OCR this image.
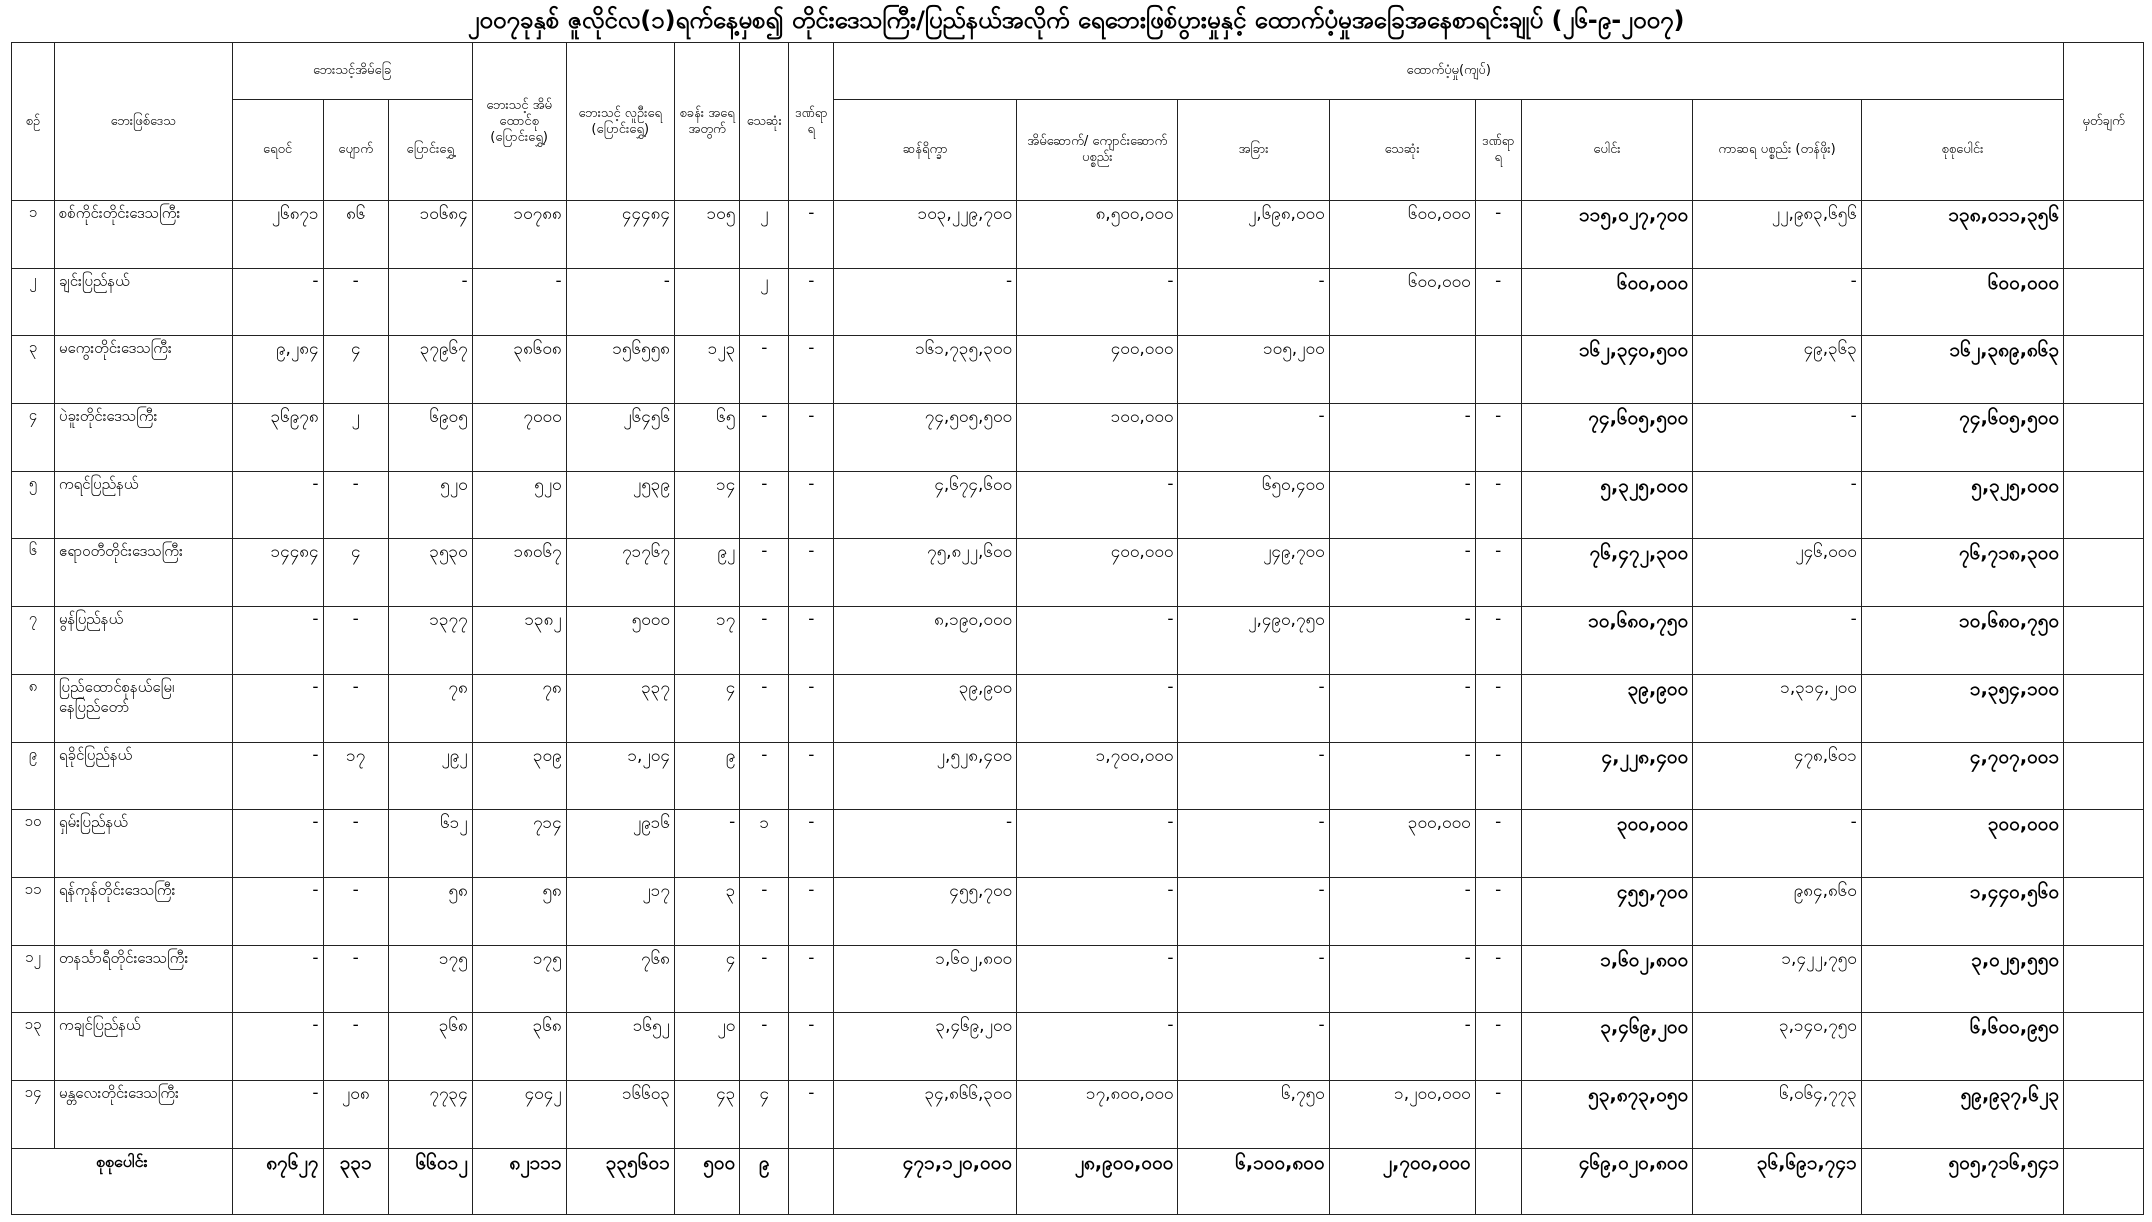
၂၀၀၇ခုနှစ် ဇူလိုင်လ(၁)ရက်နေ့မှစ၍ တိုင်းဒေသကြီး/ပြည်နယ်အလိုက် ရေဘေးဖြစ်ပွားမှုနှင့် ထောက်ပံ့မှုအခြေအနေစာရင်းချုပ် (၂၆-၉-၂၀၀၇)
စဉ်	ဘေးဖြစ်ဒေသ	ဘေးသင့်အိမ်ခြေ			ဘေးသင့် အိမ် ထောင်စု (ပြောင်းရွှေ့)	ဘေးသင့် လူဦးရေ (ပြောင်းရွှေ့)	စခန်း အရေ အတွက်	သေဆုံး	ဒဏ်ရာရ	ထောက်ပံ့မှု(ကျပ်)								မှတ်ချက်
		ရေဝင်	ပျောက်	ပြောင်းရွှေ့						ဆန်ရိက္ခာ	အိမ်ဆောက်/ ကျောင်းဆောက် ပစ္စည်း	အခြား	သေဆုံး	ဒဏ်ရာရ	ပေါင်း	ကာဆရ ပစ္စည်း (တန်ဖိုး)	စုစုပေါင်း	
၁	စစ်ကိုင်းတိုင်းဒေသကြီး	၂၆၈၇၁	၈၆	၁၀၆၈၄	၁၀၇၈၈	၄၄၄၈၄	၁၀၅	၂	-	၁၀၃,၂၂၉,၇၀၀	၈,၅၀၀,၀၀၀	၂,၆၉၈,၀၀၀	၆၀၀,၀၀၀	-	၁၁၅,၀၂၇,၇၀၀	၂၂,၉၈၃,၆၅၆	၁၃၈,၀၁၁,၃၅၆	
၂	ချင်းပြည်နယ်	-	-	-	-	-		၂	-	-	-	-	၆၀၀,၀၀၀	-	၆၀၀,၀၀၀	-	၆၀၀,၀၀၀	
၃	မကွေးတိုင်းဒေသကြီး	၉,၂၈၄	၄	၃၇၉၆၇	၃၈၆၀၈	၁၅၆၅၅၈	၁၂၃	-	-	၁၆၁,၇၃၅,၃၀၀	၄၀၀,၀၀၀	၁၀၅,၂၀၀			၁၆၂,၃၄၀,၅၀၀	၄၉,၃၆၃	၁၆၂,၃၈၉,၈၆၃	
၄	ပဲခူးတိုင်းဒေသကြီး	၃၆၉၇၈	၂	၆၉၀၅	၇၀၀၀	၂၆၄၅၆	၆၅	-	-	၇၄,၅၀၅,၅၀၀	၁၀၀,၀၀၀	-	-	-	၇၄,၆၀၅,၅၀၀	-	၇၄,၆၀၅,၅၀၀	
၅	ကရင်ပြည်နယ်	-	-	၅၂၀	၅၂၀	၂၅၃၉	၁၄	-	-	၄,၆၇၄,၆၀၀	-	၆၅၀,၄၀၀	-	-	၅,၃၂၅,၀၀၀	-	၅,၃၂၅,၀၀၀	
၆	ဧရာဝတီတိုင်းဒေသကြီး	၁၄၄၈၄	၄	၃၅၃၀	၁၈၀၆၇	၇၁၇၆၇	၉၂	-	-	၇၅,၈၂၂,၆၀၀	၄၀၀,၀၀၀	၂၄၉,၇၀၀	-	-	၇၆,၄၇၂,၃၀၀	၂၄၆,၀၀၀	၇၆,၇၁၈,၃၀၀	
၇	မွန်ပြည်နယ်	-	-	၁၃၇၇	၁၃၈၂	၅၀၀၀	၁၇	-	-	၈,၁၉၀,၀၀၀	-	၂,၄၉၀,၇၅၀	-	-	၁၀,၆၈၀,၇၅၀	-	၁၀,၆၈၀,၇၅၀	
၈	ပြည်ထောင်စုနယ်မြေ၊ နေပြည်တော်	-	-	၇၈	၇၈	၃၃၇	၄	-	-	၃၉,၉၀၀	-	-	-	-	၃၉,၉၀၀	၁,၃၁၄,၂၀၀	၁,၃၅၄,၁၀၀	
၉	ရခိုင်ပြည်နယ်	-	၁၇	၂၉၂	၃၀၉	၁,၂၀၄	၉	-	-	၂,၅၂၈,၄၀၀	၁,၇၀၀,၀၀၀	-	-	-	၄,၂၂၈,၄၀၀	၄၇၈,၆၀၁	၄,၇၀၇,၀၀၁	
၁၀	ရှမ်းပြည်နယ်	-	-	၆၁၂	၇၁၄	၂၉၁၆	-	၁	-	-	-	-	၃၀၀,၀၀၀	-	၃၀၀,၀၀၀	-	၃၀၀,၀၀၀	
၁၁	ရန်ကုန်တိုင်းဒေသကြီး	-	-	၅၈	၅၈	၂၁၇	၃	-	-	၄၅၅,၇၀၀	-	-	-	-	၄၅၅,၇၀၀	၉၈၄,၈၆၀	၁,၄၄၀,၅၆၀	
၁၂	တနင်္သာရီတိုင်းဒေသကြီး	-	-	၁၇၅	၁၇၅	၇၆၈	၄	-	-	၁,၆၀၂,၈၀၀	-	-	-	-	၁,၆၀၂,၈၀၀	၁,၄၂၂,၇၅၀	၃,၀၂၅,၅၅၀	
၁၃	ကချင်ပြည်နယ်	-	-	၃၆၈	၃၆၈	၁၆၅၂	၂၀	-	-	၃,၄၆၉,၂၀၀	-	-	-	-	၃,၄၆၉,၂၀၀	၃,၁၄၀,၇၅၀	၆,၆၀၀,၉၅၀	
၁၄	မန္တလေးတိုင်းဒေသကြီး	-	၂၀၈	၇၇၃၄	၄၀၄၂	၁၆၆၀၃	၄၃	၄	-	၃၄,၈၆၆,၃၀၀	၁၇,၈၀၀,၀၀၀	၆,၇၅၀	၁,၂၀၀,၀၀၀	-	၅၃,၈၇၃,၀၅၀	၆,၀၆၄,၇၇၃	၅၉,၉၃၇,၆၂၃	
စုစုပေါင်း		၈၇၆၂၇	၃၃၁	၆၆၀၁၂	၈၂၁၁၁	၃၃၅၆၀၁	၅၀၀	၉		၄၇၁,၁၂၀,၀၀၀	၂၈,၉၀၀,၀၀၀	၆,၁၀၀,၈၀၀	၂,၇၀၀,၀၀၀		၄၆၉,၀၂၀,၈၀၀	၃၆,၆၉၁,၇၄၁	၅၀၅,၇၁၆,၅၄၁	
